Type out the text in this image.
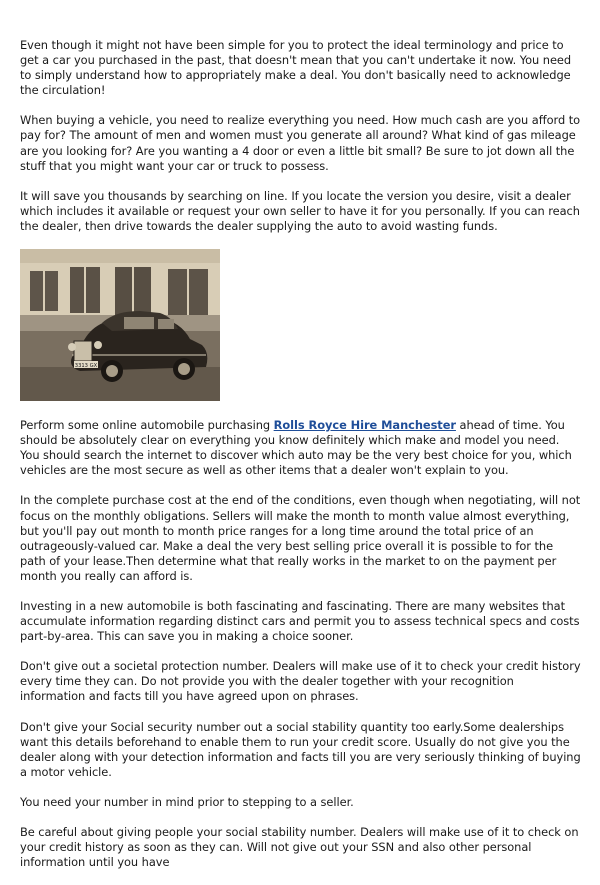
Even though it might not have been simple for you to protect the ideal terminology and price to get a car you purchased in the past, that doesn't mean that you can't undertake it now. You need to simply understand how to appropriately make a deal. You don't basically need to acknowledge the circulation!

When buying a vehicle, you need to realize everything you need. How much cash are you afford to pay for? The amount of men and women must you generate all around? What kind of gas mileage are you looking for? Are you wanting a 4 door or even a little bit small? Be sure to jot down all the stuff that you might want your car or truck to possess.

It will save you thousands by searching on line. If you locate the version you desire, visit a dealer which includes it available or request your own seller to have it for you personally. If you can reach the dealer, then drive towards the dealer supplying the auto to avoid wasting funds.

3313 GX

Perform some online automobile purchasing Rolls Royce Hire Manchester ahead of time. You should be absolutely clear on everything you know definitely which make and model you need. You should search the internet to discover which auto may be the very best choice for you, which vehicles are the most secure as well as other items that a dealer won't explain to you.

In the complete purchase cost at the end of the conditions, even though when negotiating, will not focus on the monthly obligations. Sellers will make the month to month value almost everything, but you'll pay out month to month price ranges for a long time around the total price of an outrageously-valued car. Make a deal the very best selling price overall it is possible to for the path of your lease.Then determine what that really works in the market to on the payment per month you really can afford is.

Investing in a new automobile is both fascinating and fascinating. There are many websites that accumulate information regarding distinct cars and permit you to assess technical specs and costs part-by-area. This can save you in making a choice sooner.

Don't give out a societal protection number. Dealers will make use of it to check your credit history every time they can. Do not provide you with the dealer together with your recognition information and facts till you have agreed upon on phrases.

Don't give your Social security number out a social stability quantity too early.Some dealerships want this details beforehand to enable them to run your credit score. Usually do not give you the dealer along with your detection information and facts till you are very seriously thinking of buying a motor vehicle.

You need your number in mind prior to stepping to a seller.

Be careful about giving people your social stability number. Dealers will make use of it to check on your credit history as soon as they can. Will not give out your SSN and also other personal information until you have
